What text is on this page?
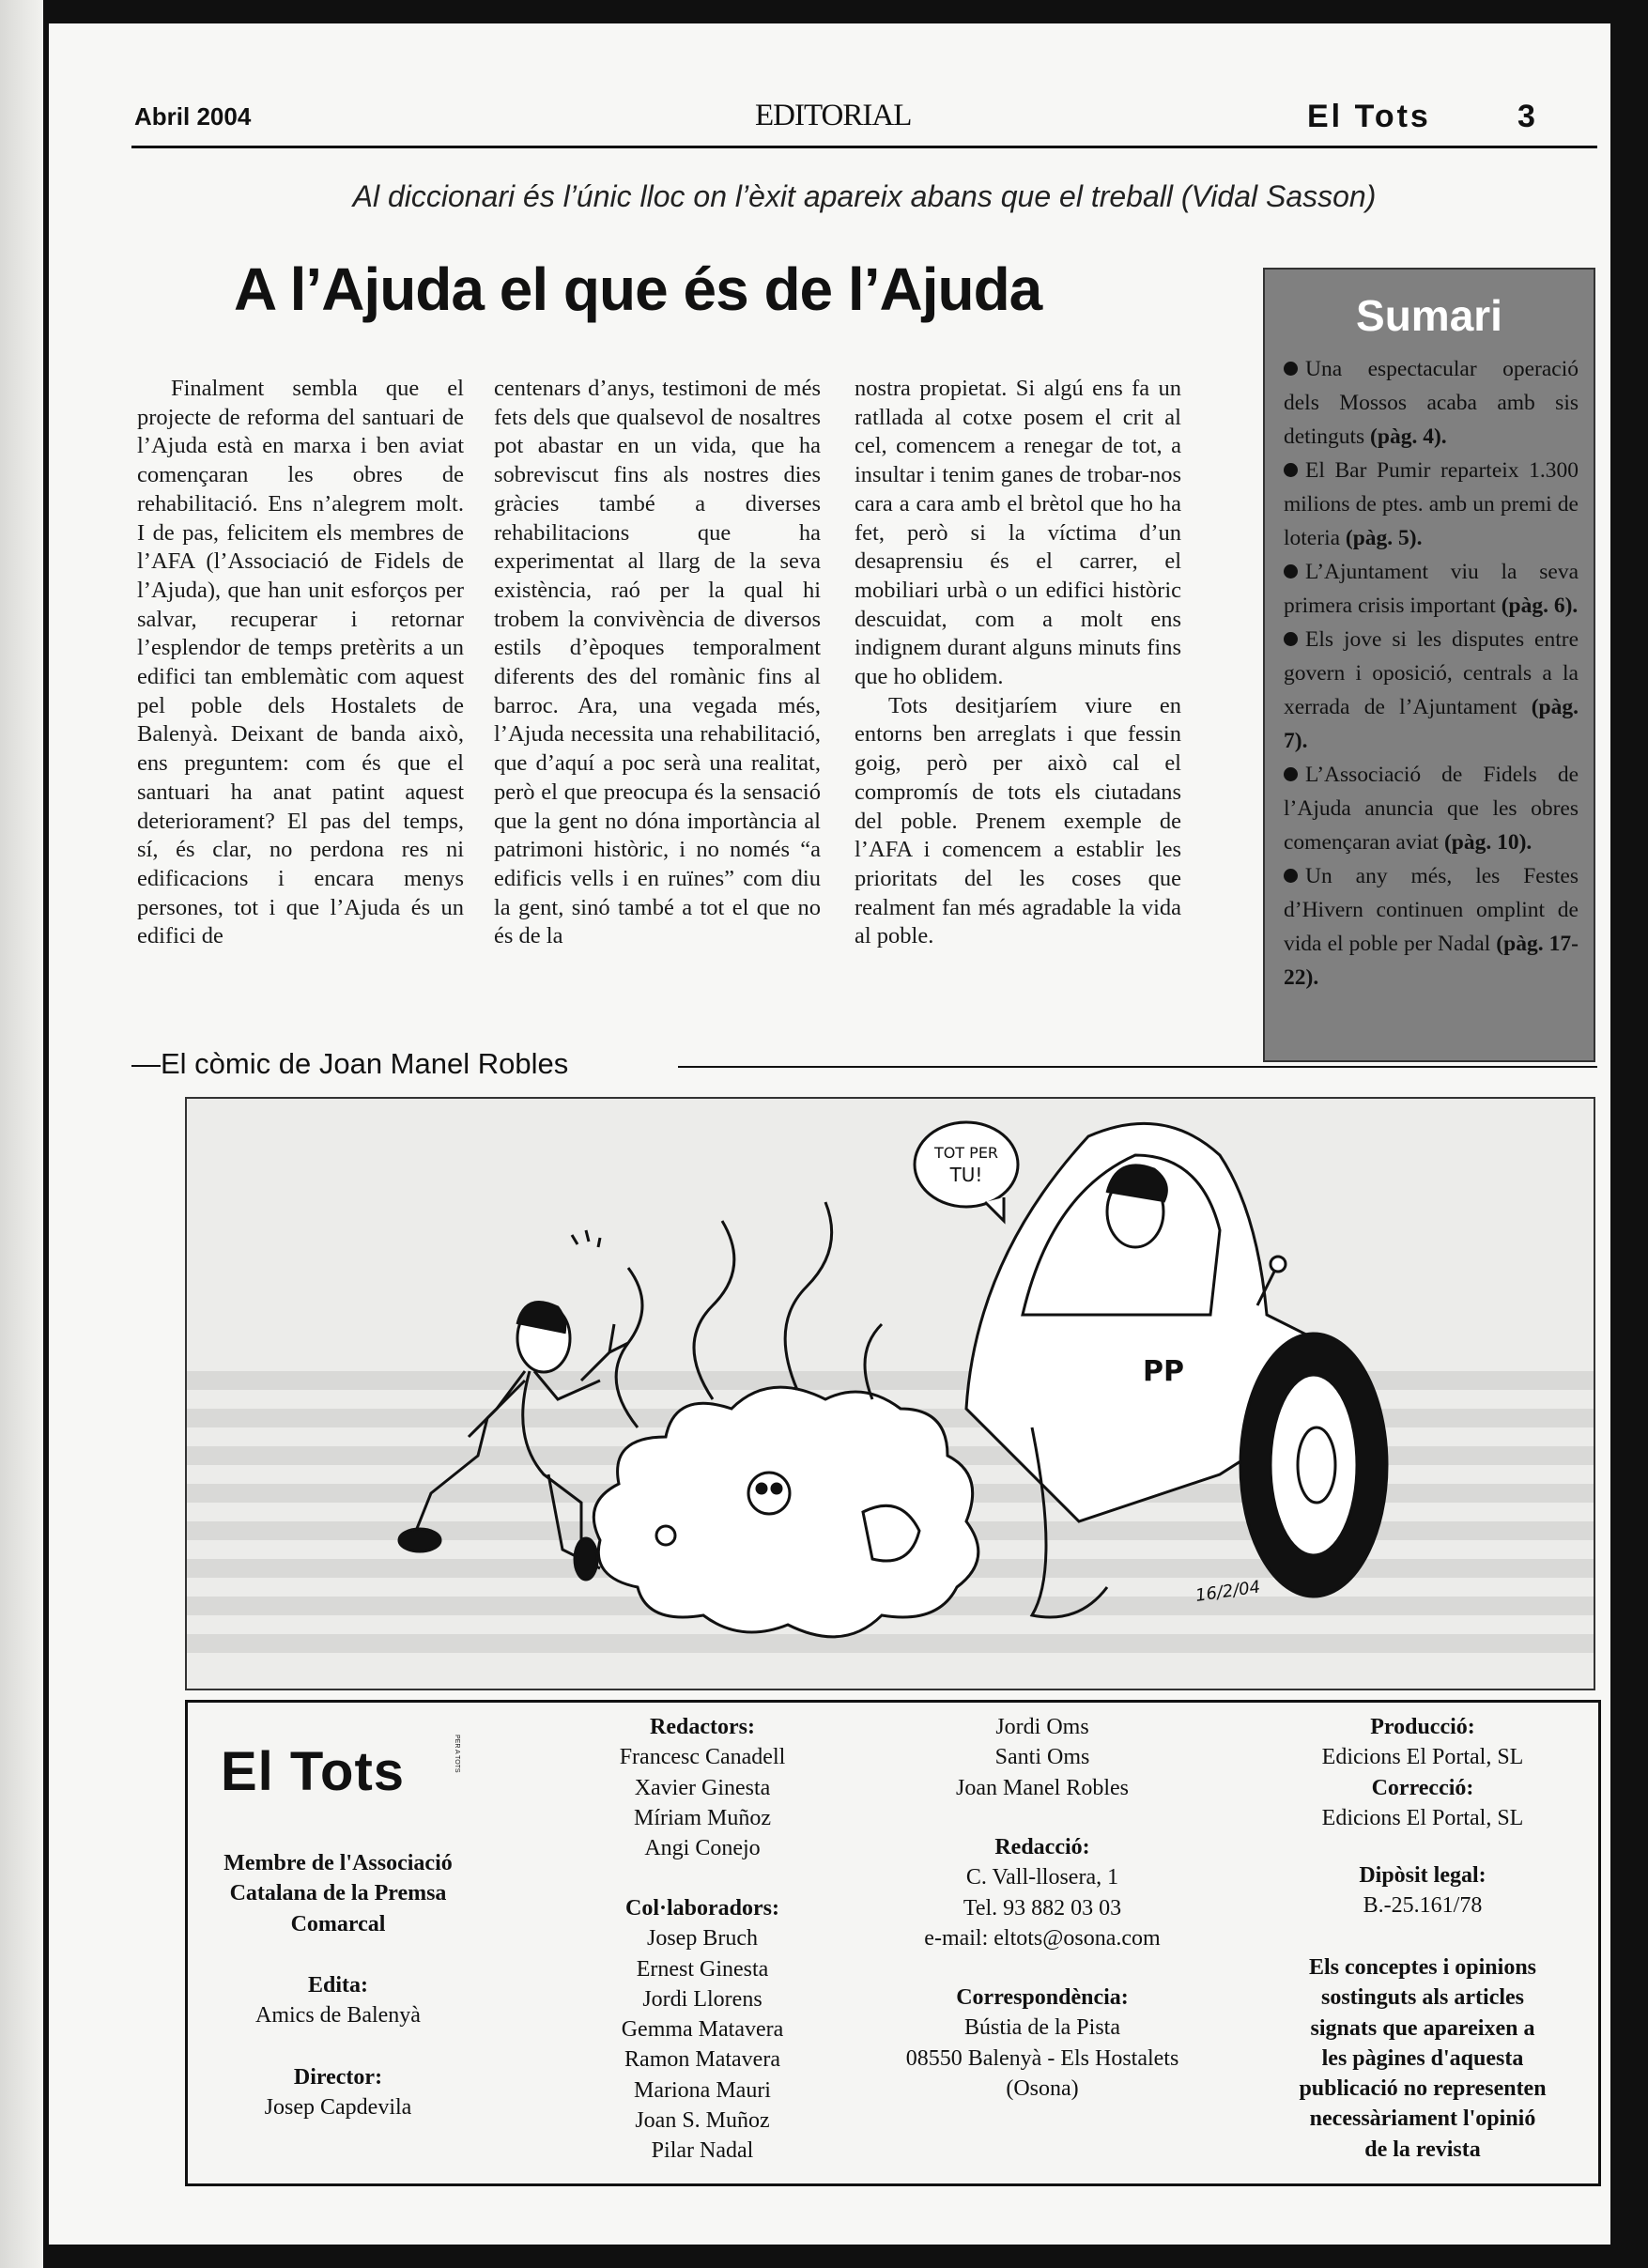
Abril 2004	EDITORIAL	El Tots	3
Al diccionari és l’únic lloc on l’èxit apareix abans que el treball (Vidal Sasson)
A l’Ajuda el que és de l’Ajuda

Finalment sembla que el projecte de reforma del santuari de l’Ajuda està en marxa i ben aviat començaran les obres de rehabilitació. Ens n’alegrem molt. I de pas, felicitem els membres de l’AFA (l’Associació de Fidels de l’Ajuda), que han unit esforços per salvar, recuperar i retornar l’esplendor de temps pretèrits a un edifici tan emblemàtic com aquest pel poble dels Hostalets de Balenyà. Deixant de banda això, ens preguntem: com és que el santuari ha anat patint aquest deteriorament? El pas del temps, sí, és clar, no perdona res ni edificacions i encara menys persones, tot i que l’Ajuda és un edifici de

centenars d’anys, testimoni de més fets dels que qualsevol de nosaltres pot abastar en un vida, que ha sobreviscut fins als nostres dies gràcies també a diverses rehabilitacions que ha experimentat al llarg de la seva existència, raó per la qual hi trobem la convivència de diversos estils d’èpoques temporalment diferents des del romànic fins al barroc. Ara, una vegada més, l’Ajuda necessita una rehabilitació, que d’aquí a poc serà una realitat, però el que preocupa és la sensació que la gent no dóna importància al patrimoni històric, i no només “a edificis vells i en ruïnes” com diu la gent, sinó també a tot el que no és de la

nostra propietat. Si algú ens fa un ratllada al cotxe posem el crit al cel, comencem a renegar de tot, a insultar i tenim ganes de trobar-nos cara a cara amb el brètol que ho ha fet, però si la víctima d’un desaprensiu és el carrer, el mobiliari urbà o un edifici històric descuidat, com a molt ens indignem durant alguns minuts fins que ho oblidem.

Tots desitjaríem viure en entorns ben arreglats i que fessin goig, però per això cal el compromís de tots els ciutadans del poble. Prenem exemple de l’AFA i comencem a establir les prioritats del les coses que realment fan més agradable la vida al poble.

Sumari
Una espectacular operació dels Mossos acaba amb sis detinguts (pàg. 4).
El Bar Pumir reparteix 1.300 milions de ptes. amb un premi de loteria (pàg. 5).
L’Ajuntament viu la seva primera crisis important (pàg. 6).
Els jove si les disputes entre govern i oposició, centrals a la xerrada de l’Ajuntament (pàg. 7).
L’Associació de Fidels de l’Ajuda anuncia que les obres començaran aviat (pàg. 10).
Un any més, les Festes d’Hivern continuen omplint de vida el poble per Nadal (pàg. 17-22).
—El còmic de Joan Manel Robles
TOT PER
TU!
PP
16/2/04
El Tots	PER A TOTS
Membre de l'Associació
Catalana de la Premsa
Comarcal
Edita:
Amics de Balenyà
Director:
Josep Capdevila
Redactors:
Francesc Canadell
Xavier Ginesta
Míriam Muñoz
Angi Conejo
Col·laboradors:
Josep Bruch
Ernest Ginesta
Jordi Llorens
Gemma Matavera
Ramon Matavera
Mariona Mauri
Joan S. Muñoz
Pilar Nadal
Jordi Oms
Santi Oms
Joan Manel Robles
Redacció:
C. Vall-llosera, 1
Tel. 93 882 03 03
e-mail: eltots@osona.com
Correspondència:
Bústia de la Pista
08550 Balenyà - Els Hostalets
(Osona)
Producció:
Edicions El Portal, SL
Correcció:
Edicions El Portal, SL
Dipòsit legal:
B.-25.161/78
Els conceptes i opinions
sostinguts als articles
signats que apareixen a
les pàgines d'aquesta
publicació no representen
necessàriament l'opinió
de la revista
